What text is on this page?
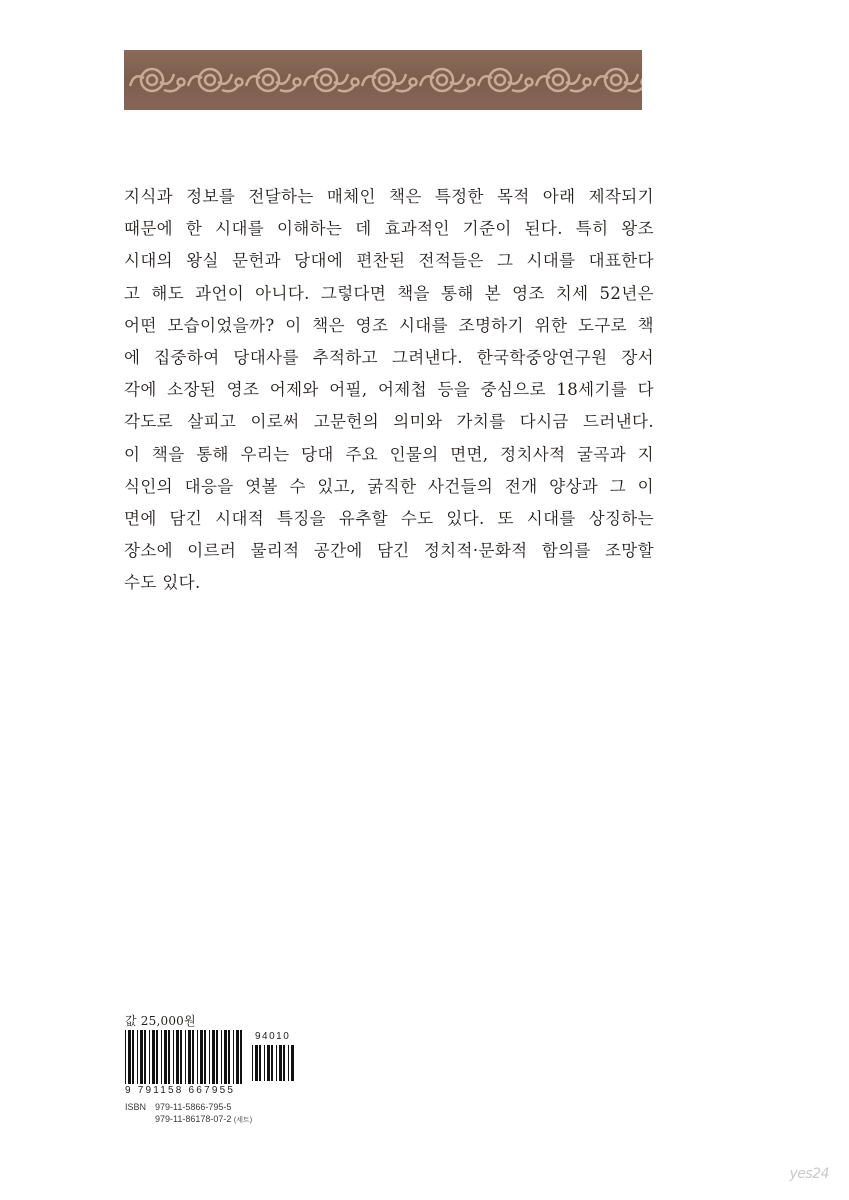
지식과 정보를 전달하는 매체인 책은 특정한 목적 아래 제작되기
때문에 한 시대를 이해하는 데 효과적인 기준이 된다. 특히 왕조
시대의 왕실 문헌과 당대에 편찬된 전적들은 그 시대를 대표한다
고 해도 과언이 아니다. 그렇다면 책을 통해 본 영조 치세 52년은
어떤 모습이었을까? 이 책은 영조 시대를 조명하기 위한 도구로 책
에 집중하여 당대사를 추적하고 그려낸다. 한국학중앙연구원 장서
각에 소장된 영조 어제와 어필, 어제첩 등을 중심으로 18세기를 다
각도로 살피고 이로써 고문헌의 의미와 가치를 다시금 드러낸다.
이 책을 통해 우리는 당대 주요 인물의 면면, 정치사적 굴곡과 지
식인의 대응을 엿볼 수 있고, 굵직한 사건들의 전개 양상과 그 이
면에 담긴 시대적 특징을 유추할 수도 있다. 또 시대를 상징하는
장소에 이르러 물리적 공간에 담긴 정치적·문화적 함의를 조망할
수도 있다.
값 25,000원
94010
9 791158 667955
ISBN 979-11-5866-795-5
979-11-86178-07-2 (세트)
yes24
